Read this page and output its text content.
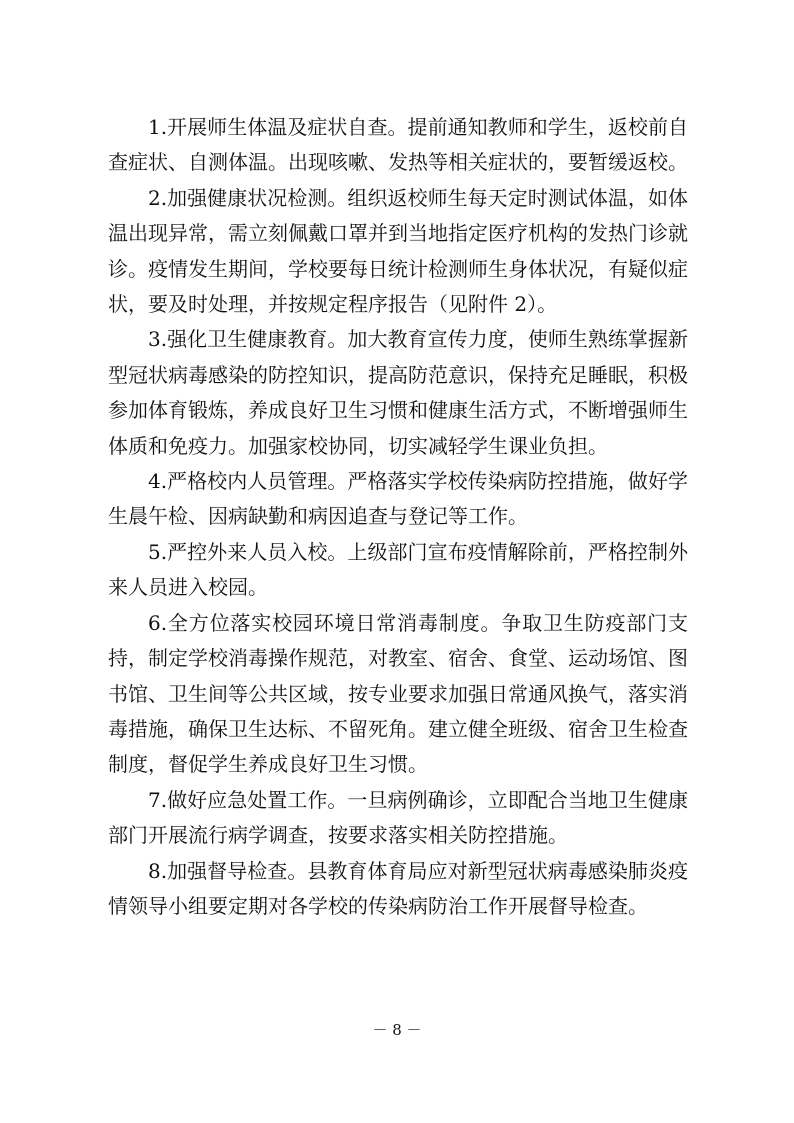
1.开展师生体温及症状自查。提前通知教师和学生，返校前自查症状、自测体温。出现咳嗽、发热等相关症状的，要暂缓返校。

2.加强健康状况检测。组织返校师生每天定时测试体温，如体温出现异常，需立刻佩戴口罩并到当地指定医疗机构的发热门诊就诊。疫情发生期间，学校要每日统计检测师生身体状况，有疑似症状，要及时处理，并按规定程序报告（见附件 2）。

3.强化卫生健康教育。加大教育宣传力度，使师生熟练掌握新型冠状病毒感染的防控知识，提高防范意识，保持充足睡眠，积极参加体育锻炼，养成良好卫生习惯和健康生活方式，不断增强师生体质和免疫力。加强家校协同，切实减轻学生课业负担。

4.严格校内人员管理。严格落实学校传染病防控措施，做好学生晨午检、因病缺勤和病因追查与登记等工作。

5.严控外来人员入校。上级部门宣布疫情解除前，严格控制外来人员进入校园。

6.全方位落实校园环境日常消毒制度。争取卫生防疫部门支持，制定学校消毒操作规范，对教室、宿舍、食堂、运动场馆、图书馆、卫生间等公共区域，按专业要求加强日常通风换气，落实消毒措施，确保卫生达标、不留死角。建立健全班级、宿舍卫生检查制度，督促学生养成良好卫生习惯。

7.做好应急处置工作。一旦病例确诊，立即配合当地卫生健康部门开展流行病学调查，按要求落实相关防控措施。

8.加强督导检查。县教育体育局应对新型冠状病毒感染肺炎疫情领导小组要定期对各学校的传染病防治工作开展督导检查。

－ 8 －
